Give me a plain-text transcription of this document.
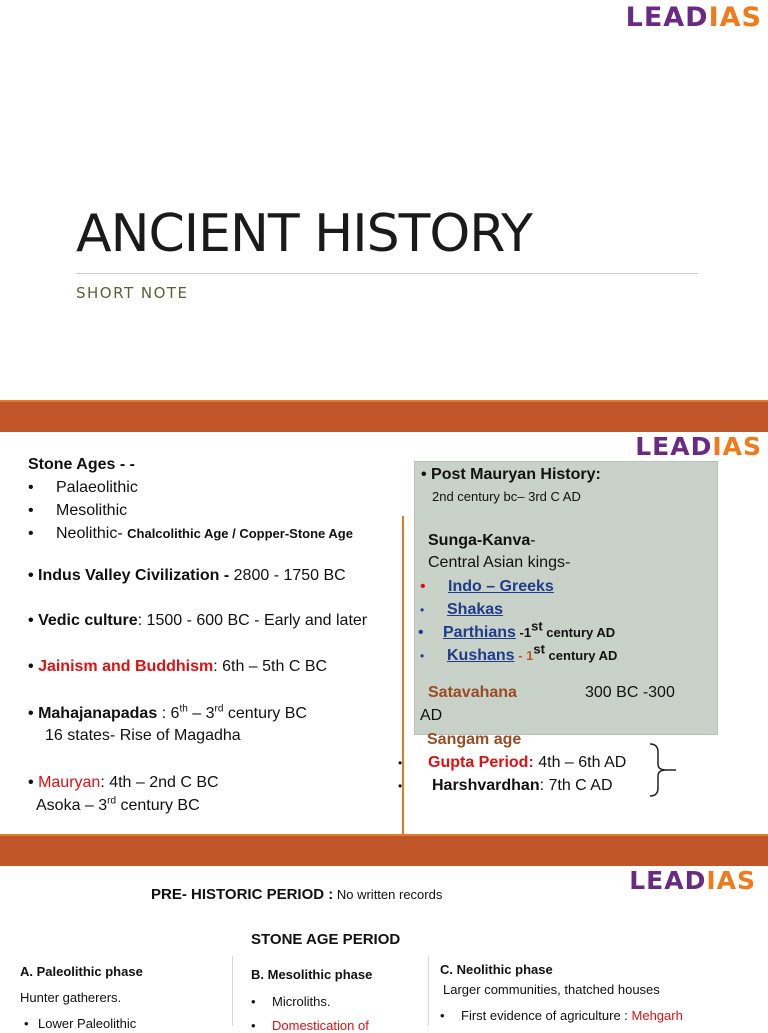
LEADIAS
ANCIENT HISTORY
SHORT NOTE
LEADIAS
Stone Ages - -
• Palaeolithic
• Mesolithic
• Neolithic- Chalcolithic Age / Copper-Stone Age
• Indus Valley Civilization - 2800 - 1750 BC
• Vedic culture: 1500 - 600 BC - Early and later
• Jainism and Buddhism: 6th – 5th C BC
• Mahajanapadas : 6th – 3rd century BC
16 states- Rise of Magadha
• Mauryan: 4th – 2nd C BC
Asoka – 3rd century BC
• Post Mauryan History:
2nd century bc– 3rd C AD
Sunga-Kanva-
Central Asian kings-
• Indo – Greeks
• Shakas
• Parthians -1st century AD
• Kushans - 1st century AD
Satavahana	300 BC -300
AD
Sangam age
• Gupta Period: 4th – 6th AD
• Harshvardhan: 7th C AD
LEADIAS
PRE- HISTORIC PERIOD : No written records
STONE AGE PERIOD
A. Paleolithic phase
Hunter gatherers.
• Lower Paleolithic
B. Mesolithic phase
• Microliths.
• Domestication of
C. Neolithic phase
Larger communities, thatched houses
• First evidence of agriculture : Mehgarh
